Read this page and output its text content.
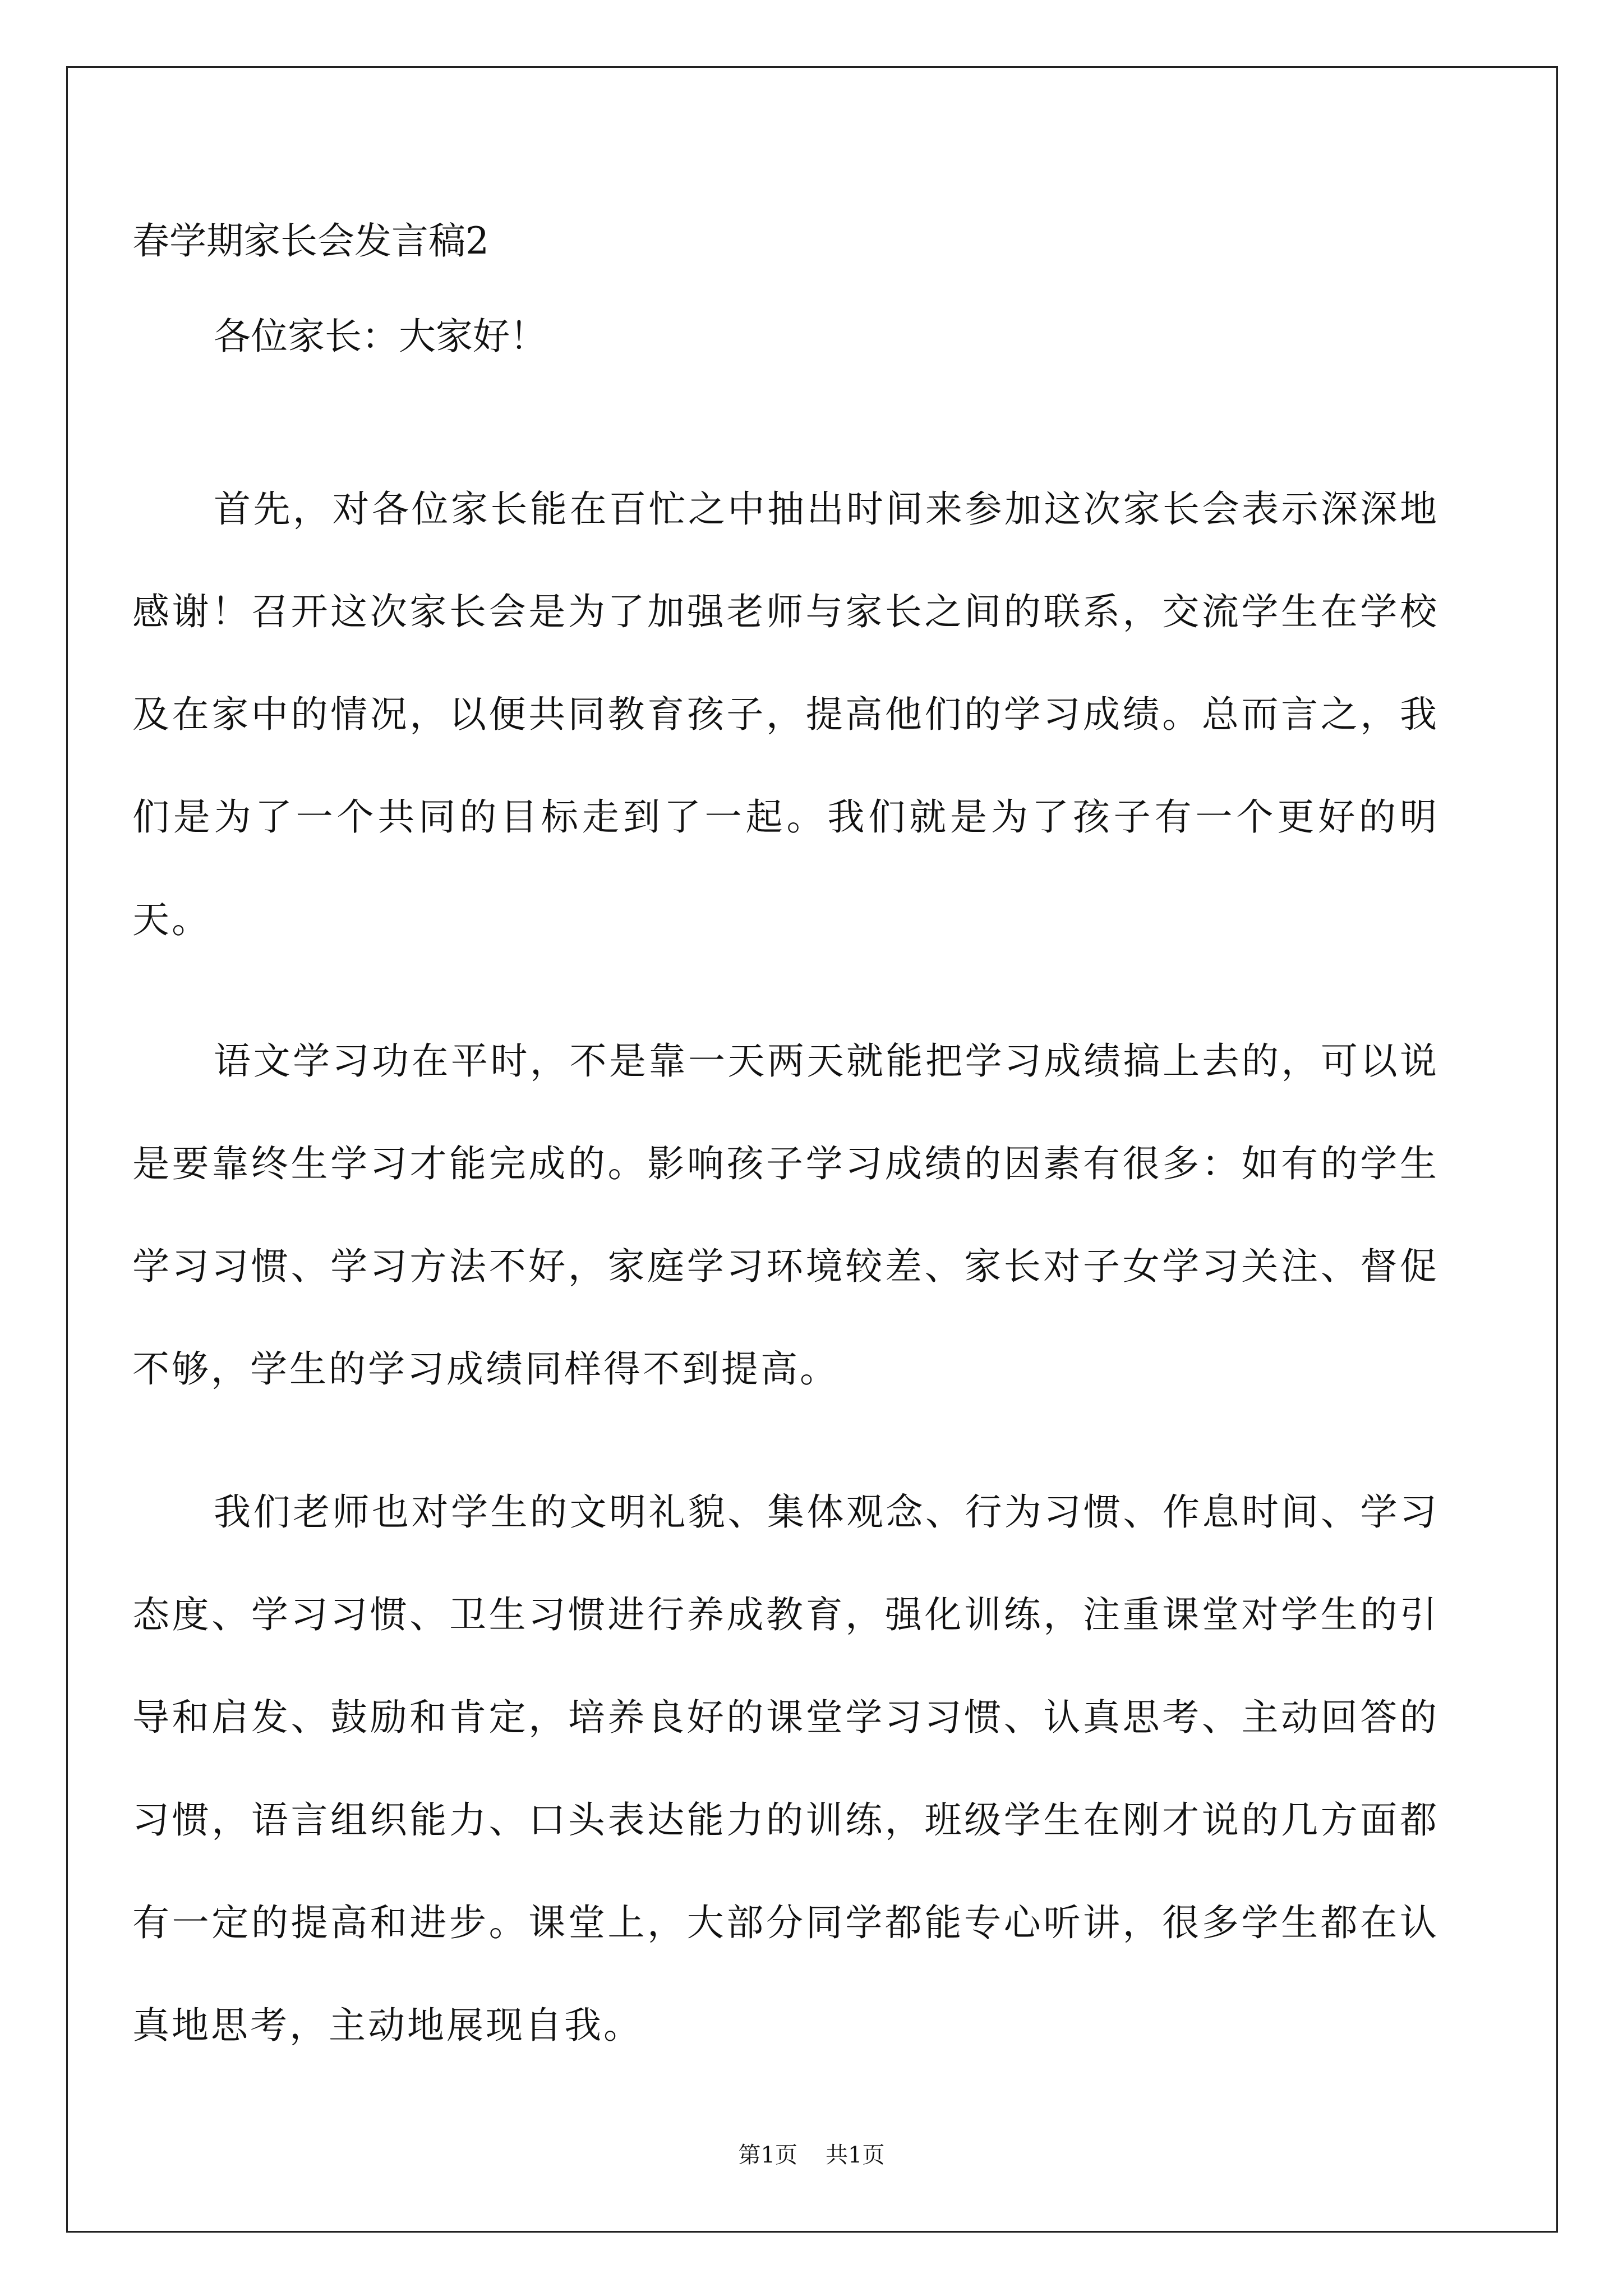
春学期家长会发言稿2
各位家长：大家好！

首先，对各位家长能在百忙之中抽出时间来参加这次家长会表示深深地感谢！召开这次家长会是为了加强老师与家长之间的联系，交流学生在学校及在家中的情况，以便共同教育孩子，提高他们的学习成绩。总而言之，我们是为了一个共同的目标走到了一起。我们就是为了孩子有一个更好的明天。

语文学习功在平时，不是靠一天两天就能把学习成绩搞上去的，可以说是要靠终生学习才能完成的。影响孩子学习成绩的因素有很多：如有的学生学习习惯、学习方法不好，家庭学习环境较差、家长对子女学习关注、督促不够，学生的学习成绩同样得不到提高。

我们老师也对学生的文明礼貌、集体观念、行为习惯、作息时间、学习态度、学习习惯、卫生习惯进行养成教育，强化训练，注重课堂对学生的引导和启发、鼓励和肯定，培养良好的课堂学习习惯、认真思考、主动回答的习惯，语言组织能力、口头表达能力的训练，班级学生在刚才说的几方面都有一定的提高和进步。课堂上，大部分同学都能专心听讲，很多学生都在认真地思考，主动地展现自我。

第1页 共1页
